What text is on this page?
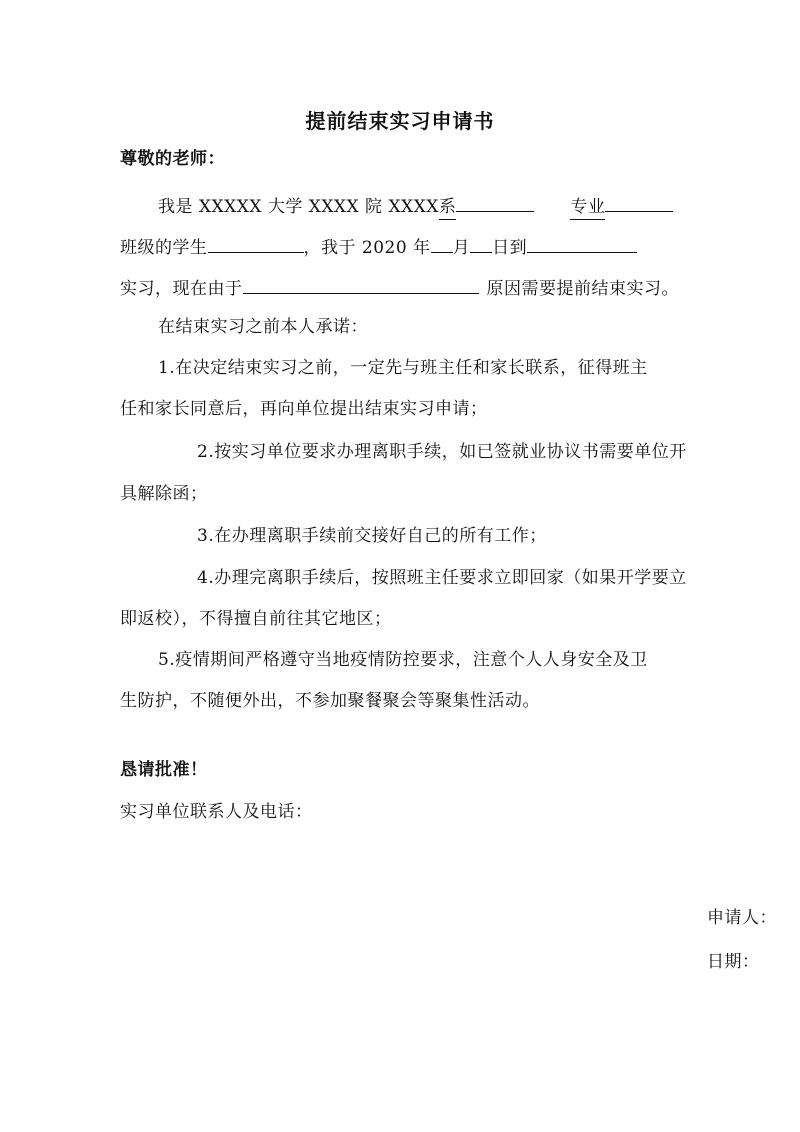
提前结束实习申请书
尊敬的老师：
我是 XXXXX 大学 XXXX 院 XXXX系	专业
班级的学生	，我于 2020 年 月 日到
实习，现在由于	原因需要提前结束实习。
在结束实习之前本人承诺：
1.在决定结束实习之前，一定先与班主任和家长联系，征得班主
任和家长同意后，再向单位提出结束实习申请；
2.按实习单位要求办理离职手续，如已签就业协议书需要单位开
具解除函；
3.在办理离职手续前交接好自己的所有工作；
4.办理完离职手续后，按照班主任要求立即回家（如果开学要立
即返校），不得擅自前往其它地区；
5.疫情期间严格遵守当地疫情防控要求，注意个人人身安全及卫
生防护，不随便外出，不参加聚餐聚会等聚集性活动。
恳请批准！
实习单位联系人及电话：
申请人：
日期：
